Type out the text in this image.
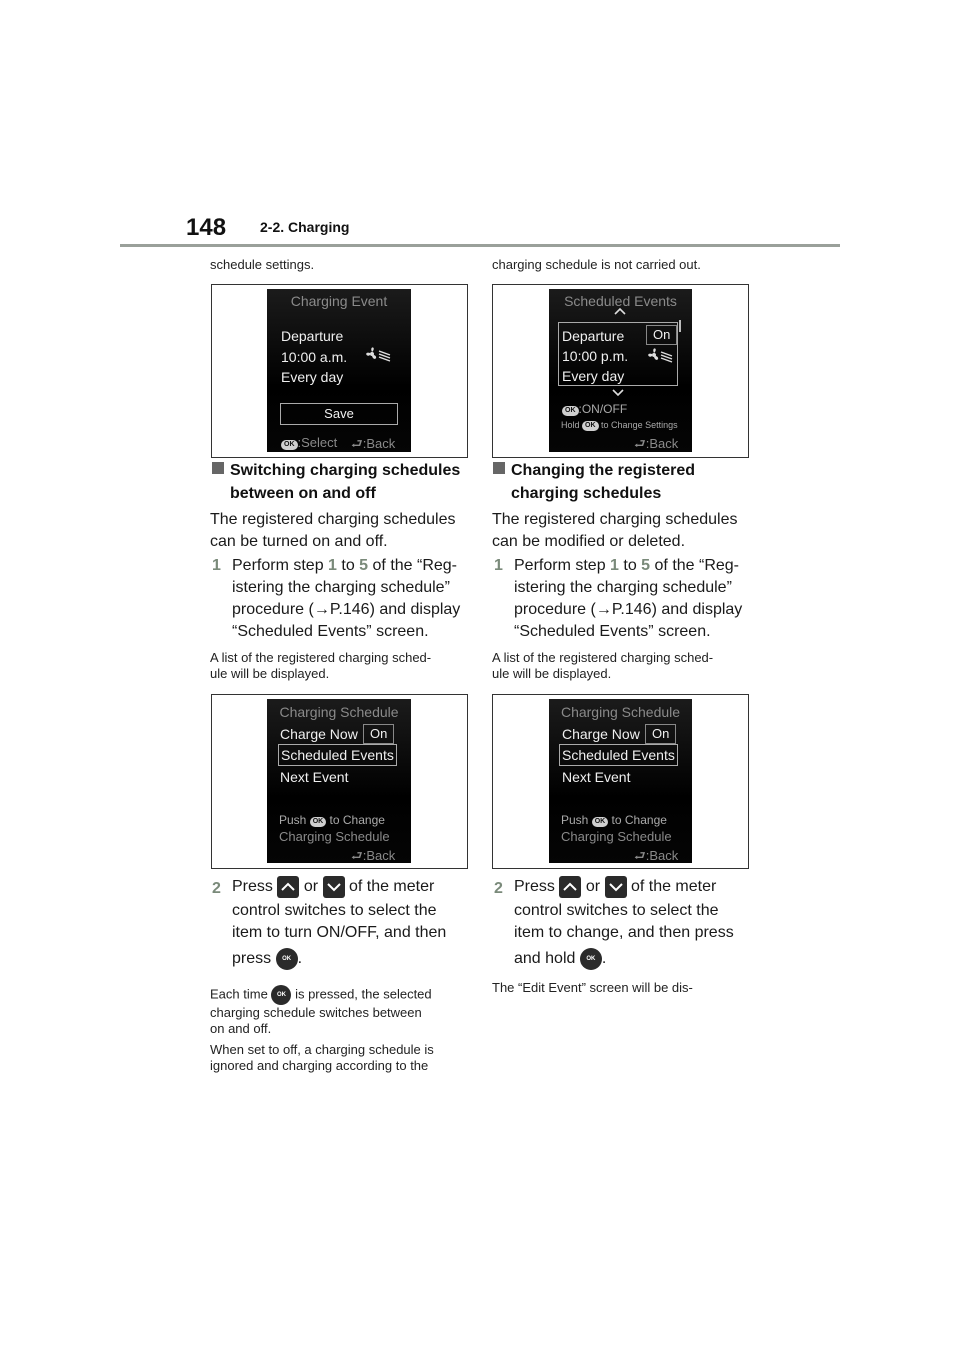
148 2-2. Charging
schedule settings.
Charging Event
Departure
10:00 a.m.
Every day
Save
OK :Select ⮐:Back
Switching charging schedules
between on and off
The registered charging schedules
can be turned on and off.
1 Perform step 1 to 5 of the “Reg-
istering the charging schedule”
procedure (→P.146) and display
“Scheduled Events” screen.
A list of the registered charging sched-
ule will be displayed.
Charging Schedule
Charge Now On
Scheduled Events
Next Event
Push OK to Change
Charging Schedule
⮐:Back
2 Press or of the meter
control switches to select the
item to turn ON/OFF, and then
press OK .
Each time OK is pressed, the selected
charging schedule switches between
on and off.
When set to off, a charging schedule is
ignored and charging according to the
charging schedule is not carried out.
Scheduled Events
Departure	On
10:00 p.m.
Every day
OK :ON/OFF
Hold OK to Change Settings
⮐:Back
Changing the registered
charging schedules
The registered charging schedules
can be modified or deleted.
1 Perform step 1 to 5 of the “Reg-
istering the charging schedule”
procedure (→P.146) and display
“Scheduled Events” screen.
A list of the registered charging sched-
ule will be displayed.
Charging Schedule
Charge Now On
Scheduled Events
Next Event
Push OK to Change
Charging Schedule
⮐:Back
2 Press or of the meter
control switches to select the
item to change, and then press
and hold OK .
The “Edit Event” screen will be dis-
